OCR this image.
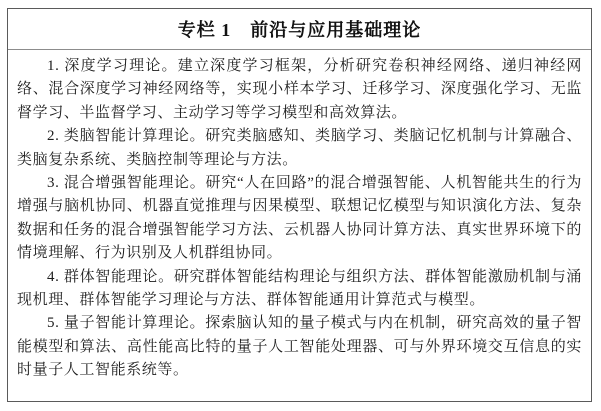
专栏 1　前沿与应用基础理论

1. 深度学习理论。建立深度学习框架，分析研究卷积神经网络、递归神经网络、混合深度学习神经网络等，实现小样本学习、迁移学习、深度强化学习、无监督学习、半监督学习、主动学习等学习模型和高效算法。

2. 类脑智能计算理论。研究类脑感知、类脑学习、类脑记忆机制与计算融合、类脑复杂系统、类脑控制等理论与方法。

3. 混合增强智能理论。研究“人在回路”的混合增强智能、人机智能共生的行为增强与脑机协同、机器直觉推理与因果模型、联想记忆模型与知识演化方法、复杂数据和任务的混合增强智能学习方法、云机器人协同计算方法、真实世界环境下的情境理解、行为识别及人机群组协同。

4. 群体智能理论。研究群体智能结构理论与组织方法、群体智能激励机制与涌现机理、群体智能学习理论与方法、群体智能通用计算范式与模型。

5. 量子智能计算理论。探索脑认知的量子模式与内在机制，研究高效的量子智能模型和算法、高性能高比特的量子人工智能处理器、可与外界环境交互信息的实时量子人工智能系统等。
